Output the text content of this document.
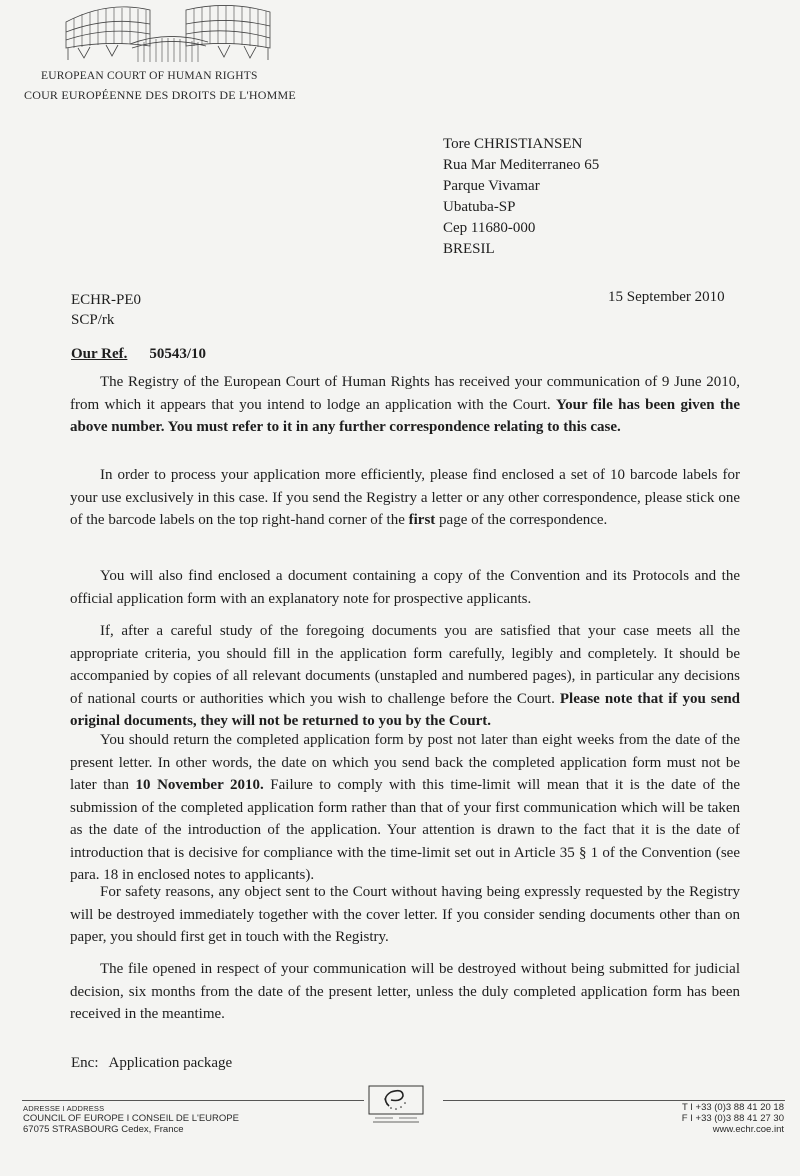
EUROPEAN COURT OF HUMAN RIGHTS
COUR EUROPÉENNE DES DROITS DE L'HOMME
Tore CHRISTIANSEN
Rua Mar Mediterraneo 65
Parque Vivamar
Ubatuba-SP
Cep 11680-000
BRESIL
ECHR-PE0
SCP/rk
15 September 2010
Our Ref. 50543/10
The Registry of the European Court of Human Rights has received your communication of 9 June 2010, from which it appears that you intend to lodge an application with the Court. Your file has been given the above number. You must refer to it in any further correspondence relating to this case.
In order to process your application more efficiently, please find enclosed a set of 10 barcode labels for your use exclusively in this case. If you send the Registry a letter or any other correspondence, please stick one of the barcode labels on the top right-hand corner of the first page of the correspondence.
You will also find enclosed a document containing a copy of the Convention and its Protocols and the official application form with an explanatory note for prospective applicants.
If, after a careful study of the foregoing documents you are satisfied that your case meets all the appropriate criteria, you should fill in the application form carefully, legibly and completely. It should be accompanied by copies of all relevant documents (unstapled and numbered pages), in particular any decisions of national courts or authorities which you wish to challenge before the Court. Please note that if you send original documents, they will not be returned to you by the Court.
You should return the completed application form by post not later than eight weeks from the date of the present letter. In other words, the date on which you send back the completed application form must not be later than 10 November 2010. Failure to comply with this time-limit will mean that it is the date of the submission of the completed application form rather than that of your first communication which will be taken as the date of the introduction of the application. Your attention is drawn to the fact that it is the date of introduction that is decisive for compliance with the time-limit set out in Article 35 § 1 of the Convention (see para. 18 in enclosed notes to applicants).
For safety reasons, any object sent to the Court without having being expressly requested by the Registry will be destroyed immediately together with the cover letter. If you consider sending documents other than on paper, you should first get in touch with the Registry.
The file opened in respect of your communication will be destroyed without being submitted for judicial decision, six months from the date of the present letter, unless the duly completed application form has been received in the meantime.
Enc: Application package
ADRESSE I ADDRESS
COUNCIL OF EUROPE I CONSEIL DE L'EUROPE
67075 STRASBOURG Cedex, France
T I +33 (0)3 88 41 20 18
F I +33 (0)3 88 41 27 30
www.echr.coe.int
